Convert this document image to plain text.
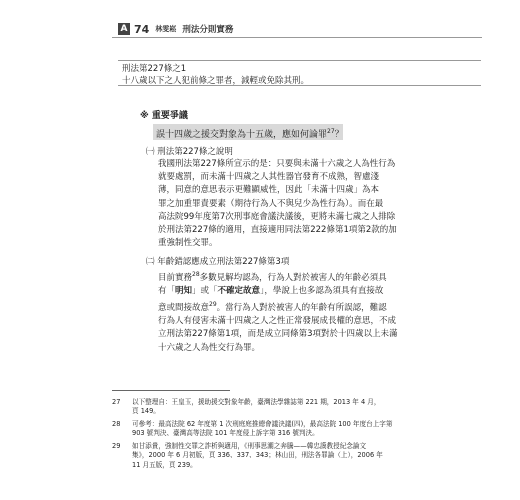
A 74 林雯崧 刑法分則實務
刑法第227條之1
十八歲以下之人犯前條之罪者，減輕或免除其刑。
※ 重要爭議
誤十四歲之援交對象為十五歲，應如何論罪$^{27}$？
㈠ 刑法第227條之說明
我國刑法第227條所宣示的是：只要與未滿十六歲之人為性行為
就要處罰，而未滿十四歲之人其性器官發育不成熟，智慮淺
薄，同意的意思表示更難顯威性，因此「未滿十四歲」為本
罪之加重罪責要素（期待行為人不與兒少為性行為）。而在最
高法院99年度第7次刑事庭會議決議後，更將未滿七歲之人排除
於刑法第227條的適用，直接適用同法第222條第1項第2款的加
重強制性交罪。
㈡ 年齡錯認應成立刑法第227條第3項
目前實務$^{28}$多數見解均認為，行為人對於被害人的年齡必須具
有「明知」或「不確定故意」，學說上也多認為須具有直接故
意或間接故意$^{29}$。當行為人對於被害人的年齡有所誤認，難認
行為人有侵害未滿十四歲之人之性正常發展成長權的意思，不成
立刑法第227條第1項，而是成立同條第3項對於十四歲以上未滿
十六歲之人為性交行為罪。
27	以下整理自：王皇玉，援助援交對象年齡，臺灣法學雜誌第 221 期，2013 年 4 月，
頁 149。
28	可參考：最高法院 62 年度第 1 次刑庭庭推總會議決議(四)，最高法院 100 年度台上字第
903 號判決、臺灣高等法院 101 年度侵上訴字第 316 號判決。
29	如甘添貴，強制性交罪之詐析與適用，《刑事思潮之奔騰——韓忠謨教授紀念論文
集》，2000 年 6 月初版，頁 336、337、343；林山田，刑法各罪論（上），2006 年
11 月五版，頁 239。
